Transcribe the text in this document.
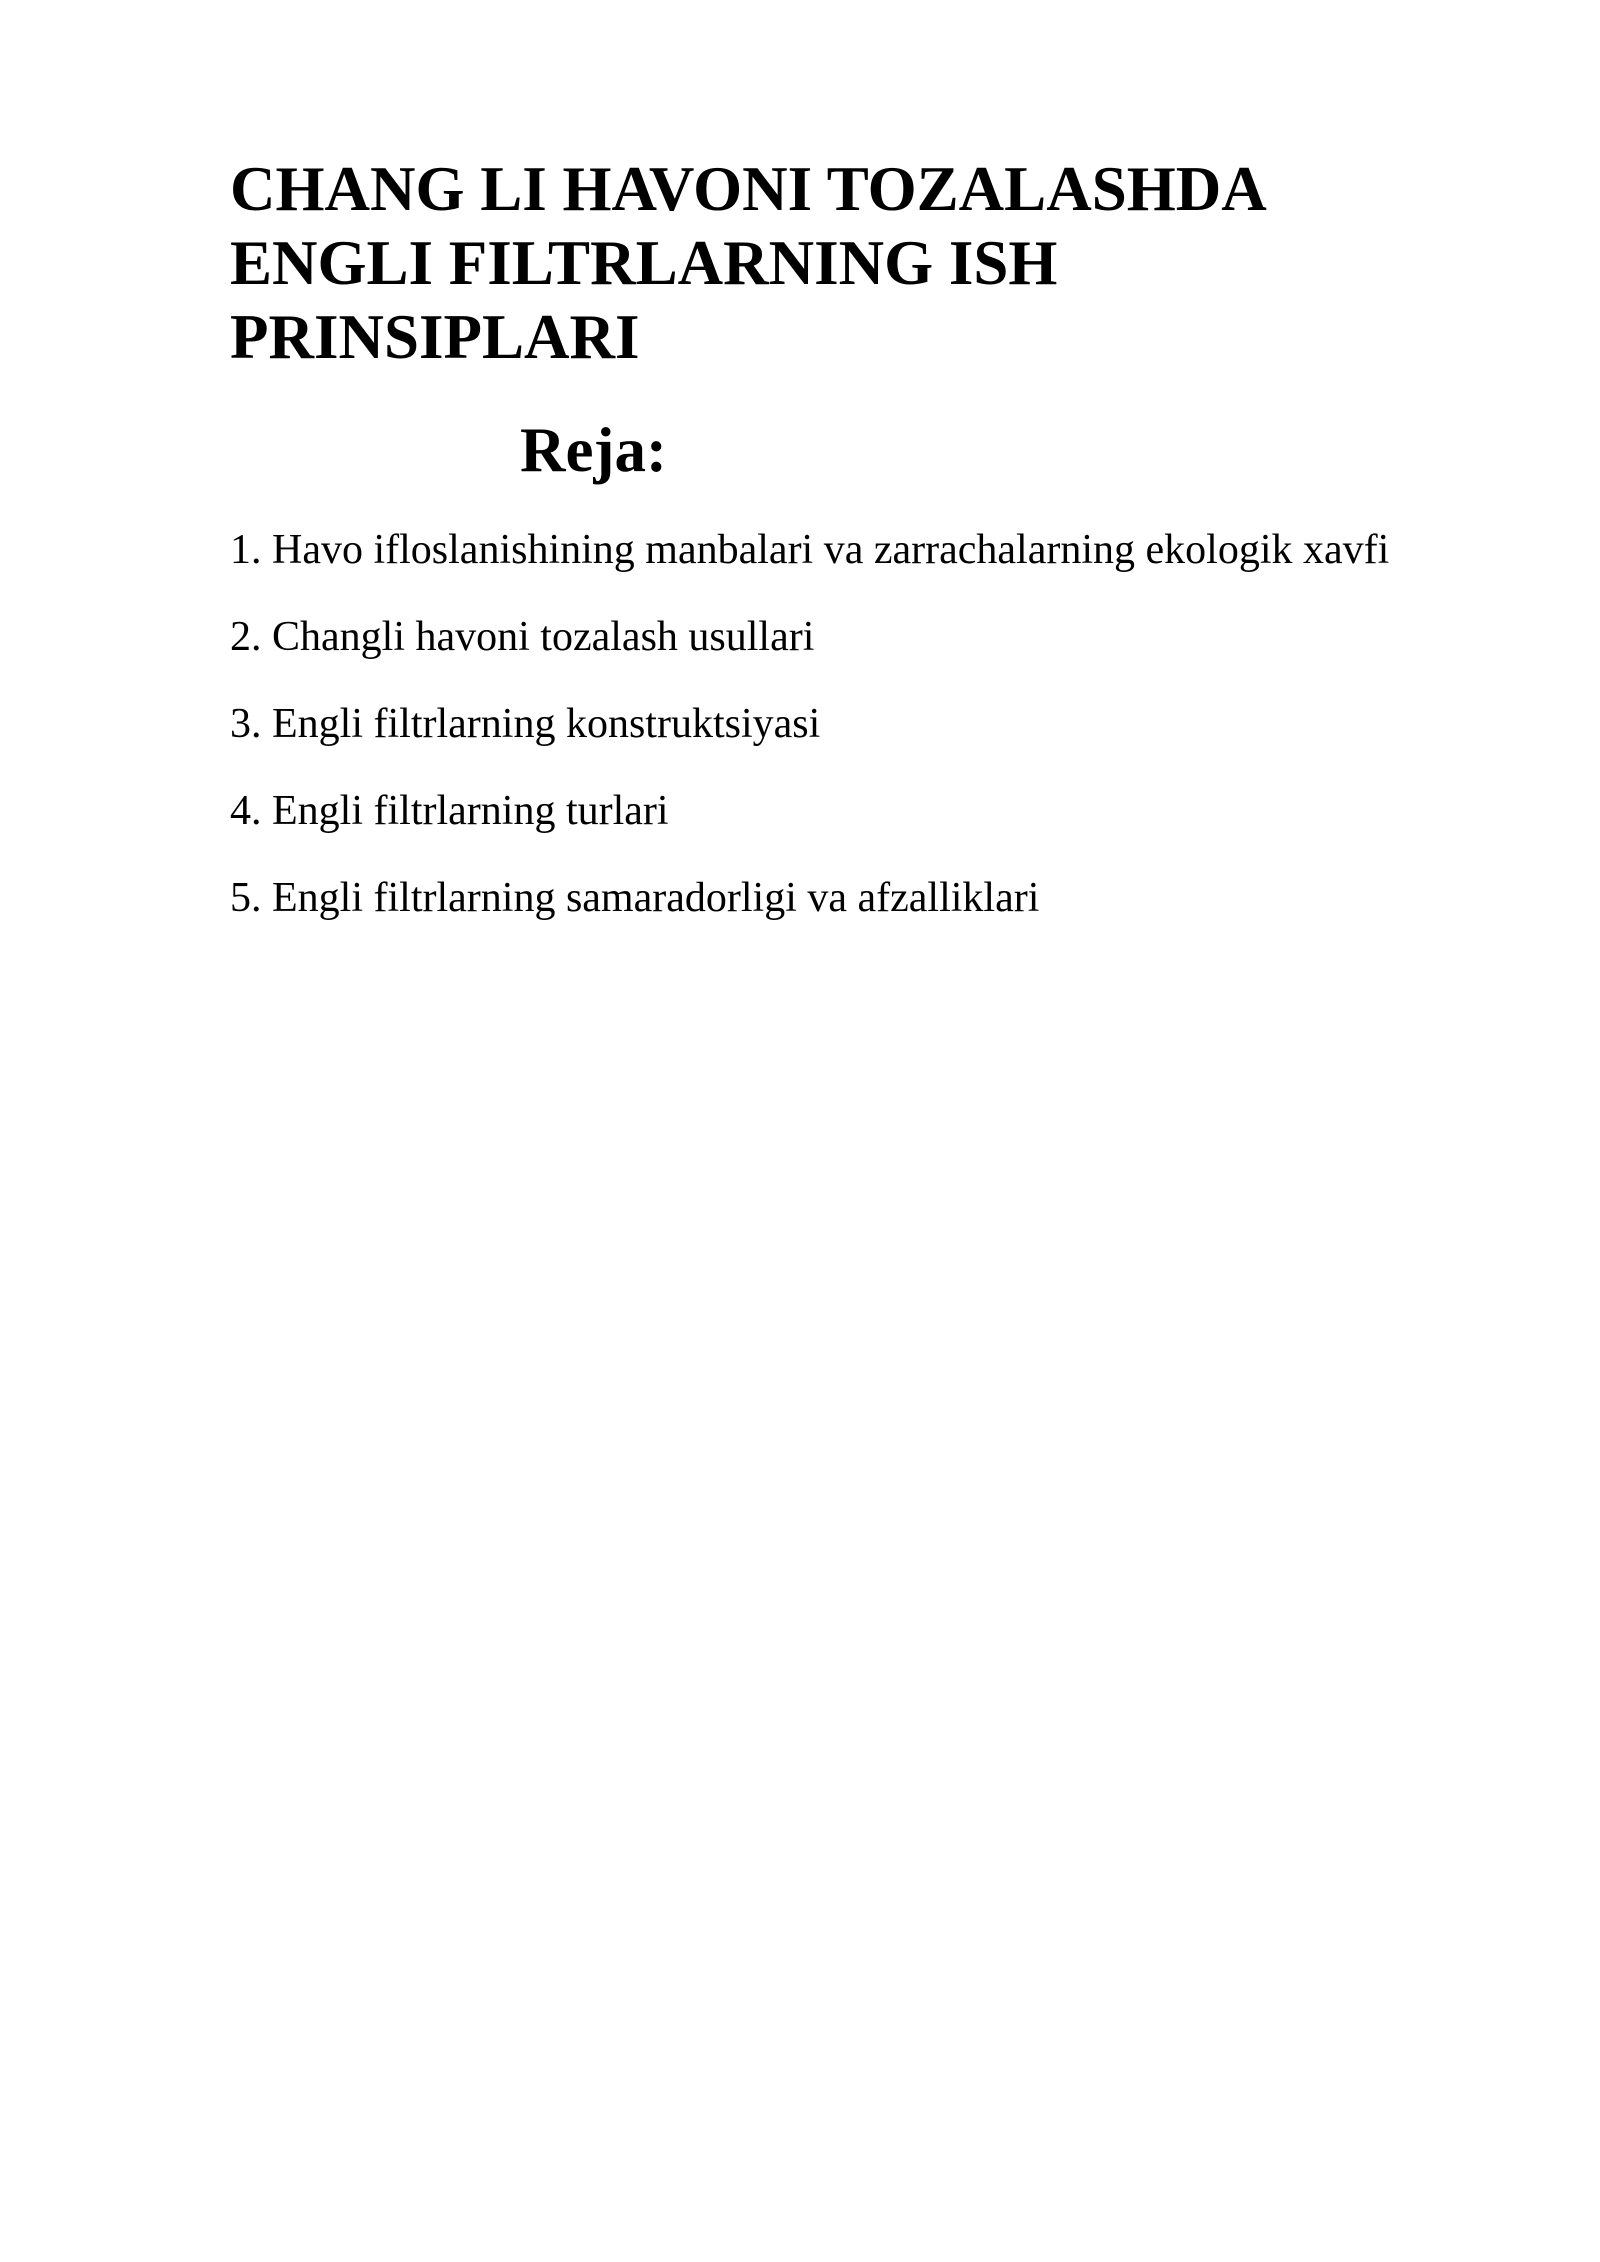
CHANG LI HAVONI TOZALASHDA
ENGLI FILTRLARNING ISH
PRINSIPLARI
Reja:
1. Havo ifloslanishining manbalari va zarrachalarning ekologik xavfi
2. Changli havoni tozalash usullari
3. Engli filtrlarning konstruktsiyasi
4. Engli filtrlarning turlari
5. Engli filtrlarning samaradorligi va afzalliklari
